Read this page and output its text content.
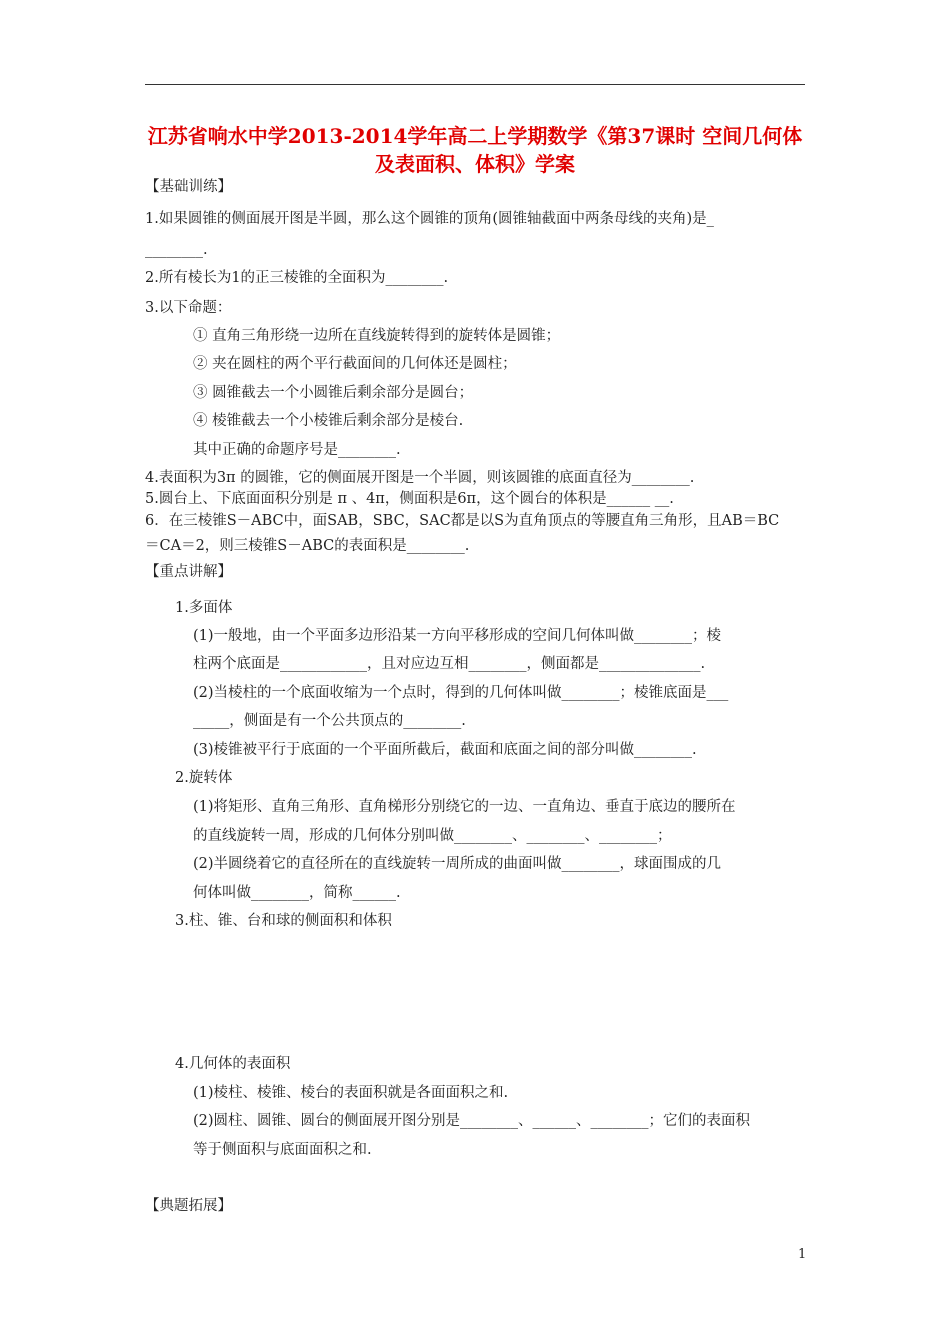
江苏省响水中学2013-2014学年高二上学期数学《第37课时 空间几何体及表面积、体积》学案
【基础训练】
1.如果圆锥的侧面展开图是半圆，那么这个圆锥的顶角(圆锥轴截面中两条母线的夹角)是_
________.
2.所有棱长为1的正三棱锥的全面积为________.
3.以下命题：
① 直角三角形绕一边所在直线旋转得到的旋转体是圆锥；
② 夹在圆柱的两个平行截面间的几何体还是圆柱；
③ 圆锥截去一个小圆锥后剩余部分是圆台；
④ 棱锥截去一个小棱锥后剩余部分是棱台.
其中正确的命题序号是________.
4.表面积为3π 的圆锥，它的侧面展开图是一个半圆，则该圆锥的底面直径为________.
5.圆台上、下底面面积分别是 π 、4π，侧面积是6π，这个圆台的体积是______ __.
6．在三棱锥S－ABC中，面SAB，SBC，SAC都是以S为直角顶点的等腰直角三角形，且AB＝BC
＝CA＝2，则三棱锥S－ABC的表面积是________.
【重点讲解】
1.多面体
(1)一般地，由一个平面多边形沿某一方向平移形成的空间几何体叫做________；棱
柱两个底面是____________，且对应边互相________，侧面都是______________.
(2)当棱柱的一个底面收缩为一个点时，得到的几何体叫做________；棱锥底面是___
_____，侧面是有一个公共顶点的________.
(3)棱锥被平行于底面的一个平面所截后，截面和底面之间的部分叫做________.
2.旋转体
(1)将矩形、直角三角形、直角梯形分别绕它的一边、一直角边、垂直于底边的腰所在
的直线旋转一周，形成的几何体分别叫做________、________、________；
(2)半圆绕着它的直径所在的直线旋转一周所成的曲面叫做________，球面围成的几
何体叫做________，简称______.
3.柱、锥、台和球的侧面积和体积
4.几何体的表面积
(1)棱柱、棱锥、棱台的表面积就是各面面积之和.
(2)圆柱、圆锥、圆台的侧面展开图分别是________、______、________；它们的表面积
等于侧面积与底面面积之和.
【典题拓展】
1
